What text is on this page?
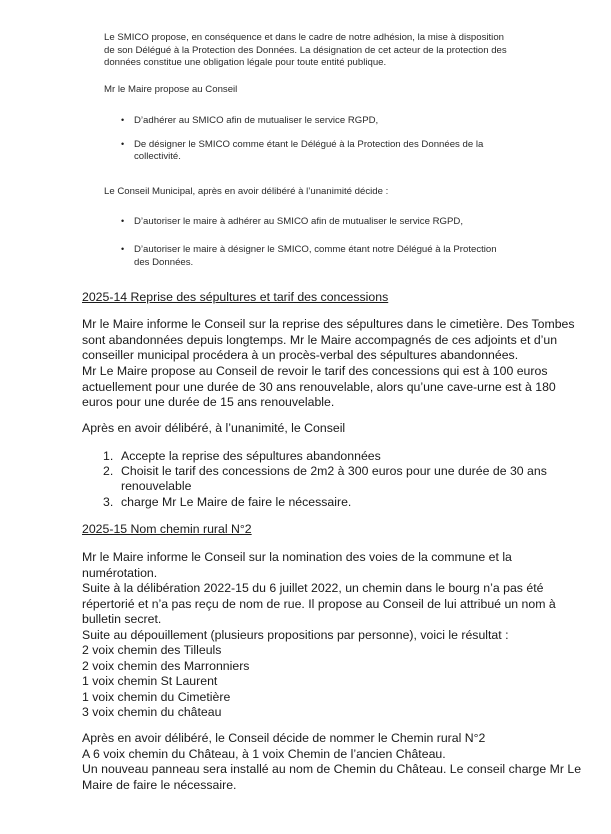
Le SMICO propose, en conséquence et dans le cadre de notre adhésion, la mise à disposition
de son Délégué à la Protection des Données. La désignation de cet acteur de la protection des
données constitue une obligation légale pour toute entité publique.
Mr le Maire propose au Conseil
• D’adhérer au SMICO afin de mutualiser le service RGPD,
• De désigner le SMICO comme étant le Délégué à la Protection des Données de la
collectivité.
Le Conseil Municipal, après en avoir délibéré à l’unanimité décide :
• D’autoriser le maire à adhérer au SMICO afin de mutualiser le service RGPD,
• D’autoriser le maire à désigner le SMICO, comme étant notre Délégué à la Protection
des Données.
2025-14 Reprise des sépultures et tarif des concessions
Mr le Maire informe le Conseil sur la reprise des sépultures dans le cimetière. Des Tombes
sont abandonnées depuis longtemps. Mr le Maire accompagnés de ces adjoints et d’un
conseiller municipal procédera à un procès-verbal des sépultures abandonnées.
Mr Le Maire propose au Conseil de revoir le tarif des concessions qui est à 100 euros
actuellement pour une durée de 30 ans renouvelable, alors qu’une cave-urne est à 180
euros pour une durée de 15 ans renouvelable.
Après en avoir délibéré, à l’unanimité, le Conseil
1. Accepte la reprise des sépultures abandonnées
2. Choisit le tarif des concessions de 2m2 à 300 euros pour une durée de 30 ans
renouvelable
3. charge Mr Le Maire de faire le nécessaire.
2025-15 Nom chemin rural N°2
Mr le Maire informe le Conseil sur la nomination des voies de la commune et la
numérotation.
Suite à la délibération 2022-15 du 6 juillet 2022, un chemin dans le bourg n’a pas été
répertorié et n’a pas reçu de nom de rue. Il propose au Conseil de lui attribué un nom à
bulletin secret.
Suite au dépouillement (plusieurs propositions par personne), voici le résultat :
2 voix chemin des Tilleuls
2 voix chemin des Marronniers
1 voix chemin St Laurent
1 voix chemin du Cimetière
3 voix chemin du château
Après en avoir délibéré, le Conseil décide de nommer le Chemin rural N°2
A 6 voix chemin du Château, à 1 voix Chemin de l’ancien Château.
Un nouveau panneau sera installé au nom de Chemin du Château. Le conseil charge Mr Le
Maire de faire le nécessaire.
